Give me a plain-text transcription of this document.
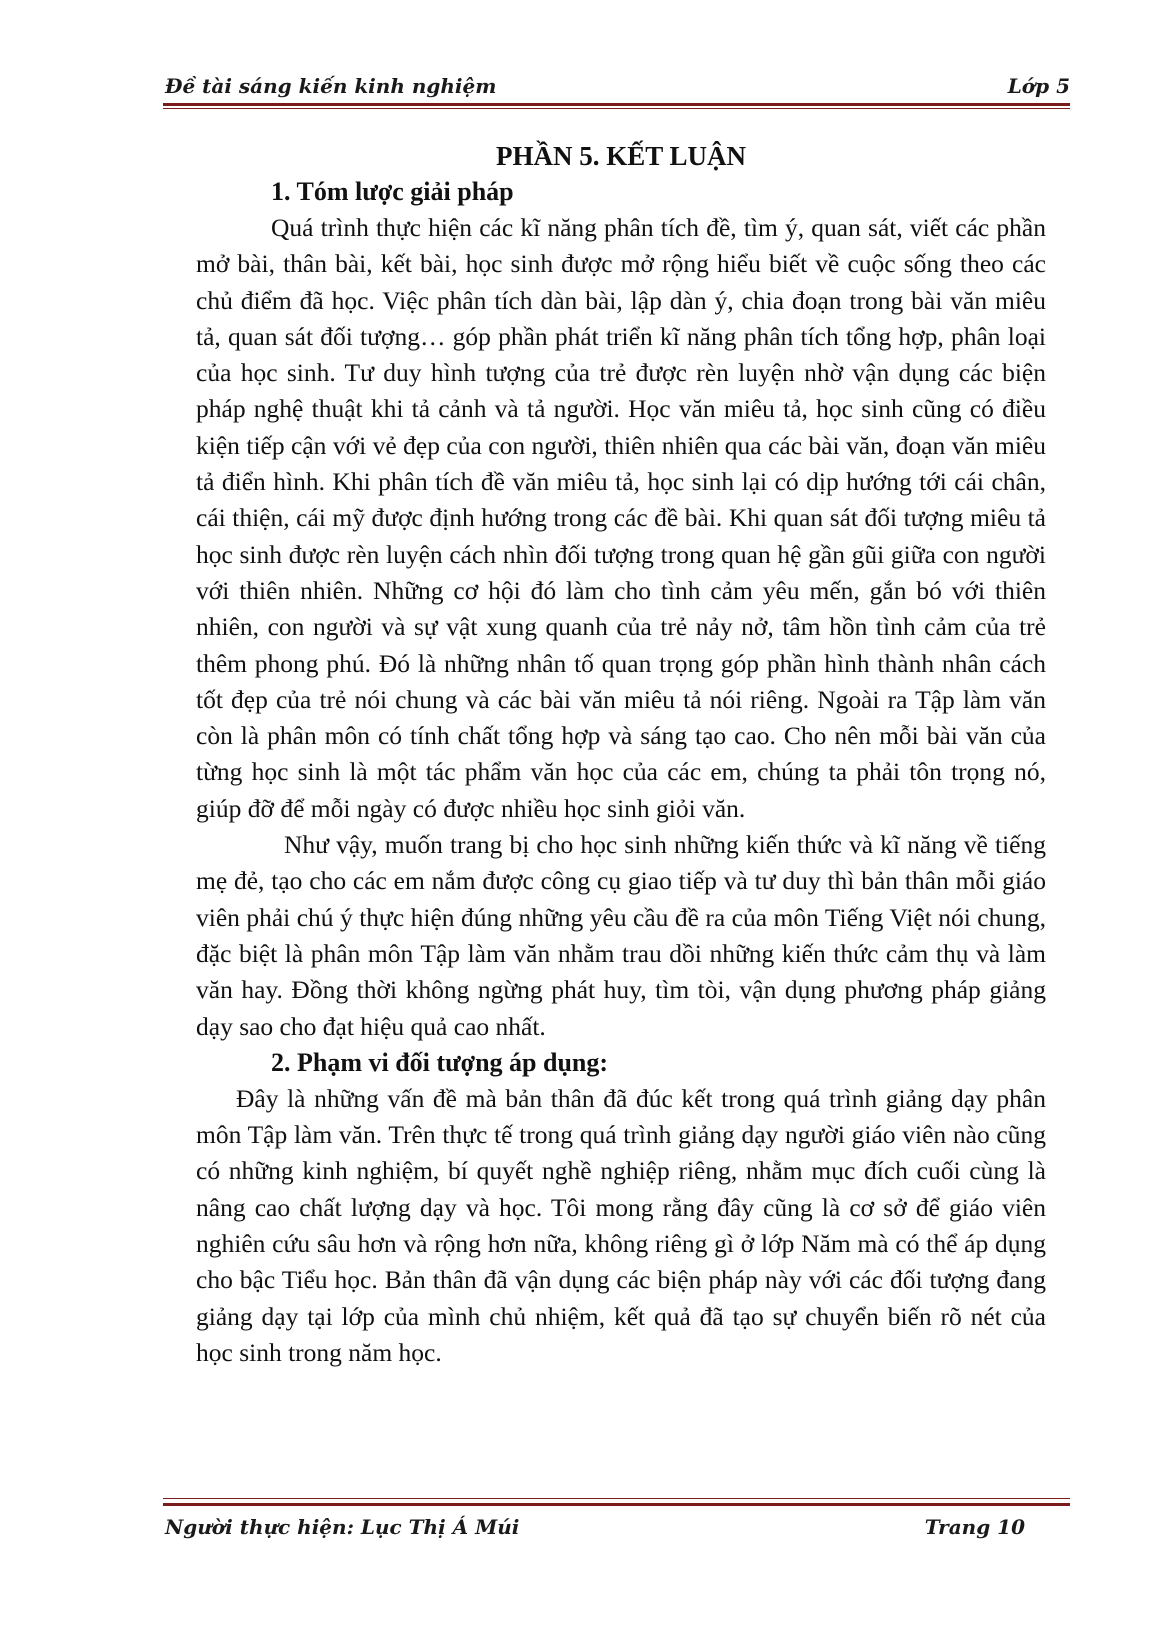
Đề tài sáng kiến kinh nghiệm	Lớp 5

PHẦN 5. KẾT LUẬN

1. Tóm lược giải pháp

Quá trình thực hiện các kĩ năng phân tích đề, tìm ý, quan sát, viết các phần mở bài, thân bài, kết bài, học sinh được mở rộng hiểu biết về cuộc sống theo các chủ điểm đã học. Việc phân tích dàn bài, lập dàn ý, chia đoạn trong bài văn miêu tả, quan sát đối tượng… góp phần phát triển kĩ năng phân tích tổng hợp, phân loại của học sinh. Tư duy hình tượng của trẻ được rèn luyện nhờ vận dụng các biện pháp nghệ thuật khi tả cảnh và tả người. Học văn miêu tả, học sinh cũng có điều kiện tiếp cận với vẻ đẹp của con người, thiên nhiên qua các bài văn, đoạn văn miêu tả điển hình. Khi phân tích đề văn miêu tả, học sinh lại có dịp hướng tới cái chân, cái thiện, cái mỹ được định hướng trong các đề bài. Khi quan sát đối tượng miêu tả học sinh được rèn luyện cách nhìn đối tượng trong quan hệ gần gũi giữa con người với thiên nhiên. Những cơ hội đó làm cho tình cảm yêu mến, gắn bó với thiên nhiên, con người và sự vật xung quanh của trẻ nảy nở, tâm hồn tình cảm của trẻ thêm phong phú. Đó là những nhân tố quan trọng góp phần hình thành nhân cách tốt đẹp của trẻ nói chung và các bài văn miêu tả nói riêng. Ngoài ra Tập làm văn còn là phân môn có tính chất tổng hợp và sáng tạo cao. Cho nên mỗi bài văn của từng học sinh là một tác phẩm văn học của các em, chúng ta phải tôn trọng nó, giúp đỡ để mỗi ngày có được nhiều học sinh giỏi văn.

Như vậy, muốn trang bị cho học sinh những kiến thức và kĩ năng về tiếng mẹ đẻ, tạo cho các em nắm được công cụ giao tiếp và tư duy thì bản thân mỗi giáo viên phải chú ý thực hiện đúng những yêu cầu đề ra của môn Tiếng Việt nói chung, đặc biệt là phân môn Tập làm văn nhằm trau dồi những kiến thức cảm thụ và làm văn hay. Đồng thời không ngừng phát huy, tìm tòi, vận dụng phương pháp giảng dạy sao cho đạt hiệu quả cao nhất.

2. Phạm vi đối tượng áp dụng:

Đây là những vấn đề mà bản thân đã đúc kết trong quá trình giảng dạy phân môn Tập làm văn. Trên thực tế trong quá trình giảng dạy người giáo viên nào cũng có những kinh nghiệm, bí quyết nghề nghiệp riêng, nhằm mục đích cuối cùng là nâng cao chất lượng dạy và học. Tôi mong rằng đây cũng là cơ sở để giáo viên nghiên cứu sâu hơn và rộng hơn nữa, không riêng gì ở lớp Năm mà có thể áp dụng cho bậc Tiểu học. Bản thân đã vận dụng các biện pháp này với các đối tượng đang giảng dạy tại lớp của mình chủ nhiệm, kết quả đã tạo sự chuyển biến rõ nét của học sinh trong năm học.

Người thực hiện: Lục Thị Á Múi	Trang 10
